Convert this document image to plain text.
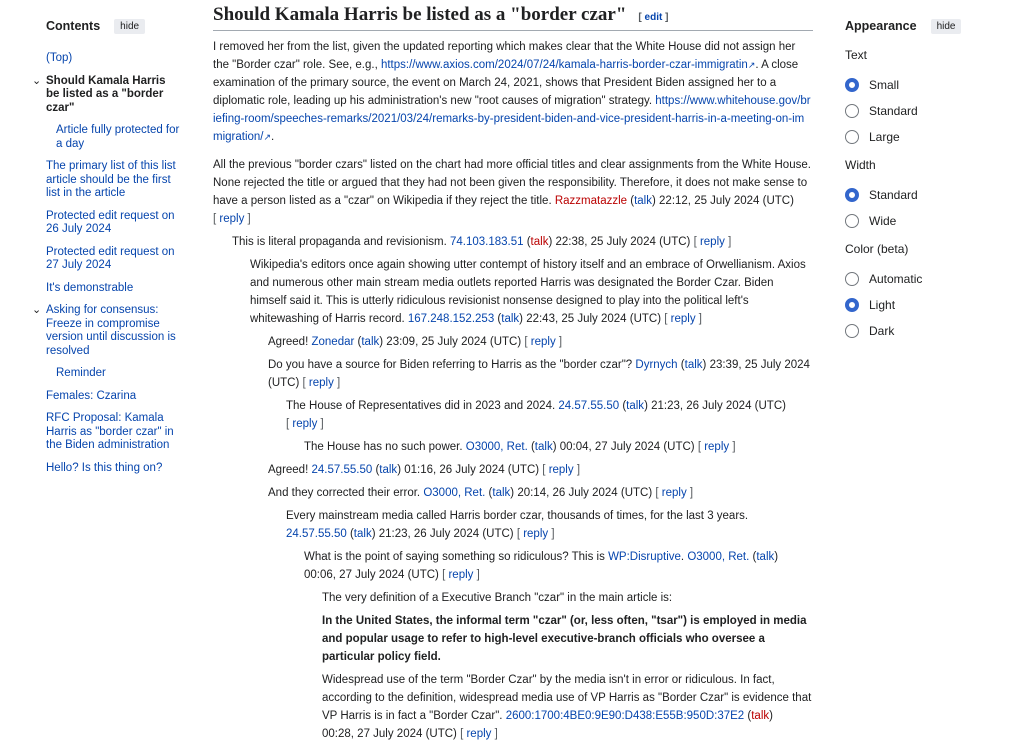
Contents	hide
(Top)
⌄ Should Kamala Harris be listed as a "border czar"
Article fully protected for a day
The primary list of this list article should be the first list in the article
Protected edit request on 26 July 2024
Protected edit request on 27 July 2024
It's demonstrable
⌄ Asking for consensus: Freeze in compromise version until discussion is resolved
Reminder
Females: Czarina
RFC Proposal: Kamala Harris as "border czar" in the Biden administration
Hello? Is this thing on?
Should Kamala Harris be listed as a "border czar" [ edit ]

I removed her from the list, given the updated reporting which makes clear that the White House did not assign her the "Border czar" role. See, e.g., https://www.axios.com/2024/07/24/kamala-harris-border-czar-immigratin↗. A close examination of the primary source, the event on March 24, 2021, shows that President Biden assigned her to a diplomatic role, leading up his administration's new "root causes of migration" strategy. https://www.whitehouse.gov/briefing-room/speeches-remarks/2021/03/24/remarks-by-president-biden-and-vice-president-harris-in-a-meeting-on-immigration/↗.

All the previous "border czars" listed on the chart had more official titles and clear assignments from the White House. None rejected the title or argued that they had not been given the responsibility. Therefore, it does not make sense to have a person listed as a "czar" on Wikipedia if they reject the title. Razzmatazzle (talk) 22:12, 25 July 2024 (UTC)
[ reply ]

This is literal propaganda and revisionism. 74.103.183.51 (talk) 22:38, 25 July 2024 (UTC) [ reply ]

Wikipedia's editors once again showing utter contempt of history itself and an embrace of Orwellianism. Axios and numerous other main stream media outlets reported Harris was designated the Border Czar. Biden himself said it. This is utterly ridiculous revisionist nonsense designed to play into the political left's whitewashing of Harris record. 167.248.152.253 (talk) 22:43, 25 July 2024 (UTC) [ reply ]

Agreed! Zonedar (talk) 23:09, 25 July 2024 (UTC) [ reply ]

Do you have a source for Biden referring to Harris as the "border czar"? Dyrnych (talk) 23:39, 25 July 2024 (UTC) [ reply ]

The House of Representatives did in 2023 and 2024. 24.57.55.50 (talk) 21:23, 26 July 2024 (UTC)
[ reply ]

The House has no such power. O3000, Ret. (talk) 00:04, 27 July 2024 (UTC) [ reply ]

Agreed! 24.57.55.50 (talk) 01:16, 26 July 2024 (UTC) [ reply ]

And they corrected their error. O3000, Ret. (talk) 20:14, 26 July 2024 (UTC) [ reply ]

Every mainstream media called Harris border czar, thousands of times, for the last 3 years.
24.57.55.50 (talk) 21:23, 26 July 2024 (UTC) [ reply ]

What is the point of saying something so ridiculous? This is WP:Disruptive. O3000, Ret. (talk)
00:06, 27 July 2024 (UTC) [ reply ]

The very definition of a Executive Branch "czar" in the main article is:

In the United States, the informal term "czar" (or, less often, "tsar") is employed in media and popular usage to refer to high-level executive-branch officials who oversee a particular policy field.

Widespread use of the term "Border Czar" by the media isn't in error or ridiculous. In fact, according to the definition, widespread media use of VP Harris as "Border Czar" is evidence that VP Harris is in fact a "Border Czar". 2600:1700:4BE0:9E90:D438:E55B:950D:37E2 (talk)
00:28, 27 July 2024 (UTC) [ reply ]

Appearance	hide
Text
Small
Standard
Large
Width
Standard
Wide
Color (beta)
Automatic
Light
Dark
